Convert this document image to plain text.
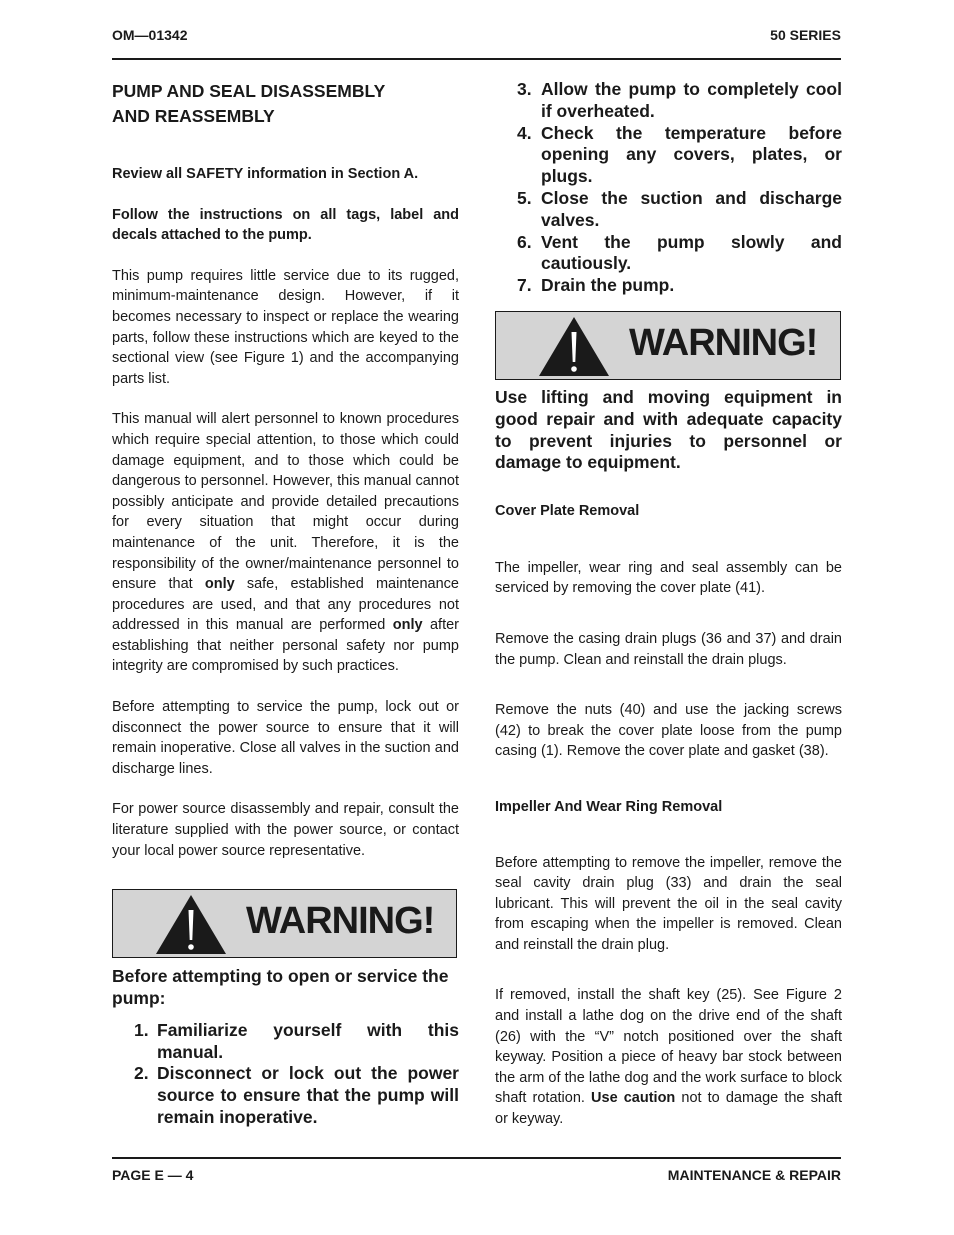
OM—01342	50 SERIES
PUMP AND SEAL DISASSEMBLY
AND REASSEMBLY

Review all SAFETY information in Section A.

Follow the instructions on all tags, label and decals attached to the pump.

This pump requires little service due to its rugged, minimum-maintenance design. However, if it becomes necessary to inspect or replace the wearing parts, follow these instructions which are keyed to the sectional view (see Figure 1) and the accompanying parts list.

This manual will alert personnel to known procedures which require special attention, to those which could damage equipment, and to those which could be dangerous to personnel. However, this manual cannot possibly anticipate and provide detailed precautions for every situation that might occur during maintenance of the unit. Therefore, it is the responsibility of the owner/maintenance personnel to ensure that only safe, established maintenance procedures are used, and that any procedures not addressed in this manual are performed only after establishing that neither personal safety nor pump integrity are compromised by such practices.

Before attempting to service the pump, lock out or disconnect the power source to ensure that it will remain inoperative. Close all valves in the suction and discharge lines.

For power source disassembly and repair, consult the literature supplied with the power source, or contact your local power source representative.

WARNING!

Before attempting to open or service the pump:

1. Familiarize yourself with this manual.
2. Disconnect or lock out the power source to ensure that the pump will remain inoperative.
3. Allow the pump to completely cool if overheated.
4. Check the temperature before opening any covers, plates, or plugs.
5. Close the suction and discharge valves.
6. Vent the pump slowly and cautiously.
7. Drain the pump.
WARNING!

Use lifting and moving equipment in good repair and with adequate capacity to prevent injuries to personnel or damage to equipment.

Cover Plate Removal

The impeller, wear ring and seal assembly can be serviced by removing the cover plate (41).

Remove the casing drain plugs (36 and 37) and drain the pump. Clean and reinstall the drain plugs.

Remove the nuts (40) and use the jacking screws (42) to break the cover plate loose from the pump casing (1). Remove the cover plate and gasket (38).

Impeller And Wear Ring Removal

Before attempting to remove the impeller, remove the seal cavity drain plug (33) and drain the seal lubricant. This will prevent the oil in the seal cavity from escaping when the impeller is removed. Clean and reinstall the drain plug.

If removed, install the shaft key (25). See Figure 2 and install a lathe dog on the drive end of the shaft (26) with the “V” notch positioned over the shaft keyway. Position a piece of heavy bar stock between the arm of the lathe dog and the work surface to block shaft rotation. Use caution not to damage the shaft or keyway.

PAGE E — 4	MAINTENANCE & REPAIR
